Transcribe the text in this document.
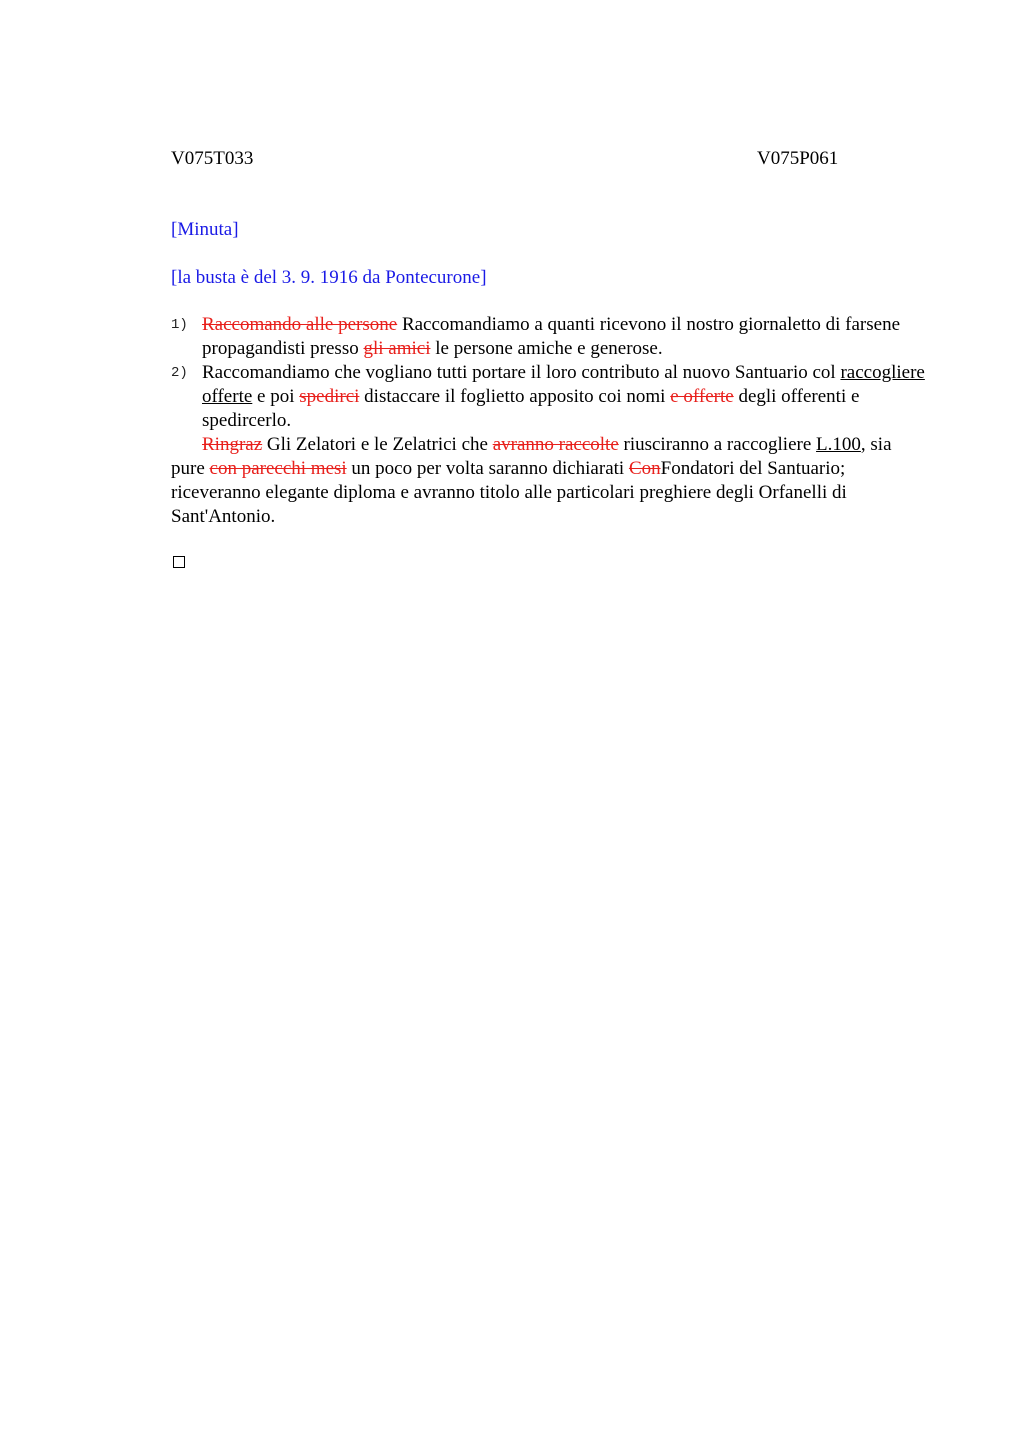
V075T033	V075P061
[Minuta]
[la busta è del 3. 9. 1916 da Pontecurone]
1) Raccomando alle persone Raccomandiamo a quanti ricevono il nostro giornaletto di farsene propagandisti presso gli amici le persone amiche e generose.
2) Raccomandiamo che vogliano tutti portare il loro contributo al nuovo Santuario col raccogliere offerte e poi spedirci distaccare il foglietto apposito coi nomi e offerte degli offerenti e spedircerlo.

Ringraz Gli Zelatori e le Zelatrici che avranno raccolte riusciranno a raccogliere L.100, sia pure con parecchi mesi un poco per volta saranno dichiarati ConFondatori del Santuario; riceveranno elegante diploma e avranno titolo alle particolari preghiere degli Orfanelli di Sant'Antonio.
